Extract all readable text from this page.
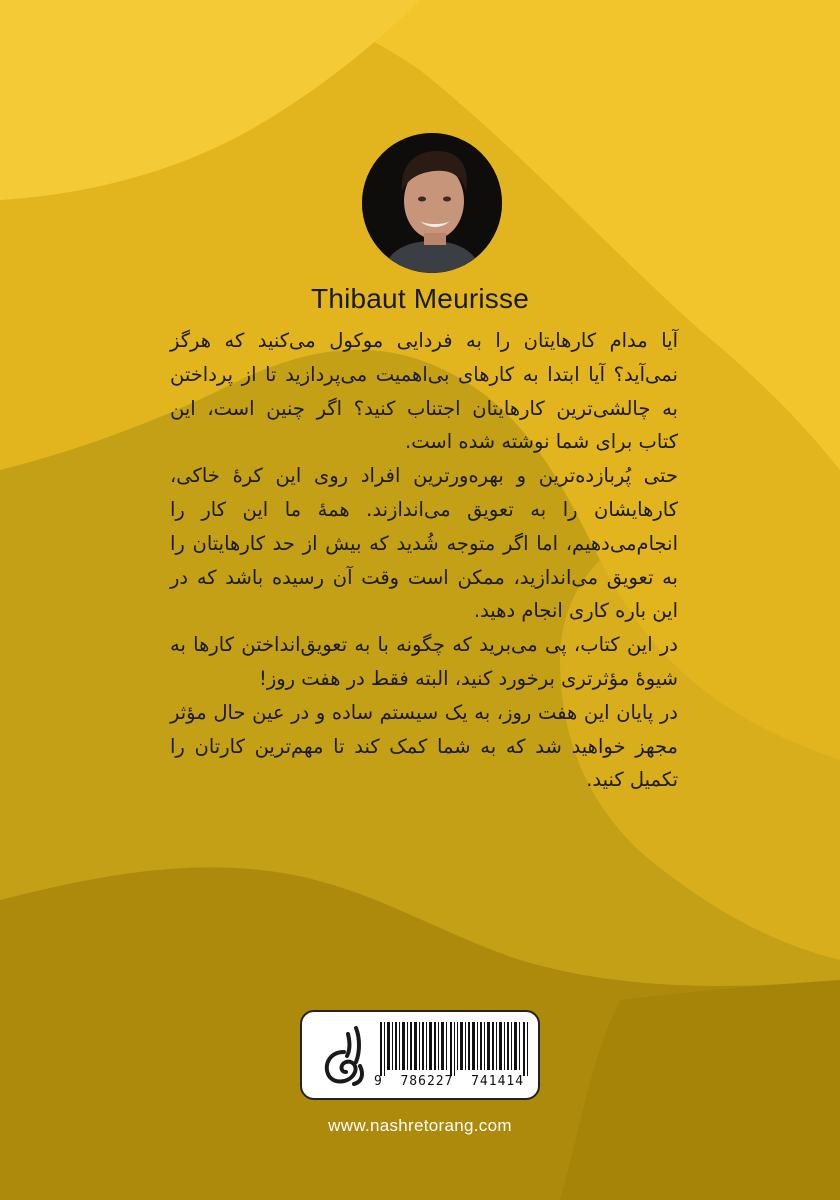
Thibaut Meurisse

آیا مدام کارهایتان را به فردایی موکول می‌کنید که هرگز نمی‌آید؟ آیا ابتدا به کارهای بی‌اهمیت می‌پردازید تا از پرداختن به چالشی‌ترین کارهایتان اجتناب کنید؟ اگر چنین است، این کتاب برای شما نوشته شده است.

حتی پُربازده‌ترین و بهره‌ورترین افراد روی این کرهٔ خاکی، کارهایشان را به تعویق می‌اندازند. همهٔ ما این کار را انجام‌می‌دهیم، اما اگر متوجه شُدید که بیش از حد کارهایتان را به تعویق می‌اندازید، ممکن است وقت آن رسیده باشد که در این باره کاری انجام دهید.

در این کتاب، پی می‌برید که چگونه با به تعویق‌انداختن کارها به شیوهٔ مؤثرتری برخورد کنید، البته فقط در هفت روز!

در پایان این هفت روز، به یک سیستم ساده و در عین حال مؤثر مجهز خواهید شد که به شما کمک کند تا مهم‌ترین کارتان را تکمیل کنید.

9  786227  741414
www.nashretorang.com
